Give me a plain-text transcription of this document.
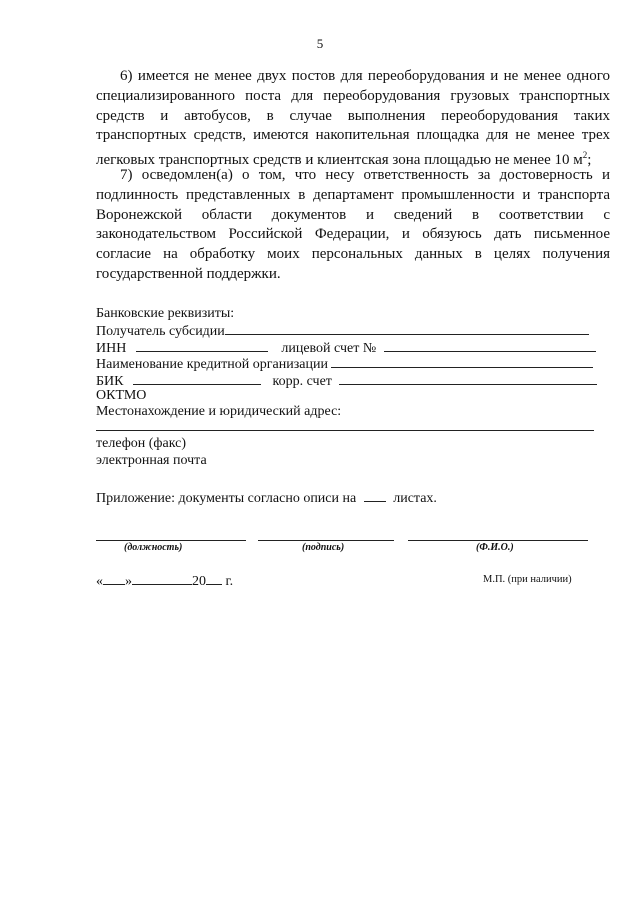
5
6) имеется не менее двух постов для переоборудования и не менее одного специализированного поста для переоборудования грузовых транспортных средств и автобусов, в случае выполнения переоборудования таких транспортных средств, имеются накопительная площадка для не менее трех легковых транспортных средств и клиентская зона площадью не менее 10 $м^2$;
7) осведомлен(а) о том, что несу ответственность за достоверность и подлинность представленных в департамент промышленности и транспорта Воронежской области документов и сведений в соответствии с законодательством Российской Федерации, и обязуюсь дать письменное согласие на обработку моих персональных данных в целях получения государственной поддержки.
Банковские реквизиты:
Получатель субсидии
ИНН	лицевой счет №
Наименование кредитной организации
БИК	корр. счет
ОКТМО
Местонахождение и юридический адрес:
телефон (факс)
электронная почта
Приложение: документы согласно описи на	листах.
(должность)	(подпись)	(Ф.И.О.)
« »	20 г.	М.П. (при наличии)
